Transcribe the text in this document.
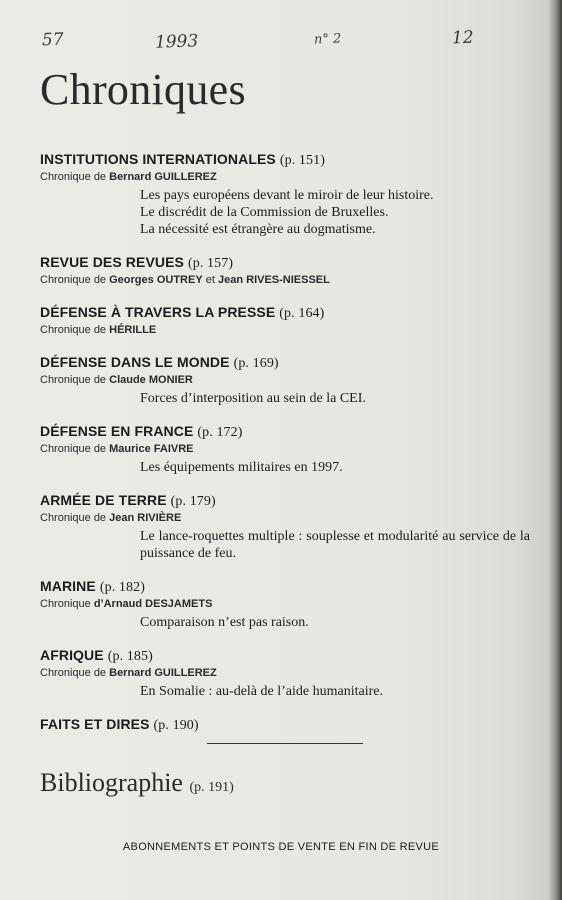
57	1993	n° 2	12
Chroniques
INSTITUTIONS INTERNATIONALES (p. 151)
Chronique de Bernard GUILLEREZ
Les pays européens devant le miroir de leur histoire.
Le discrédit de la Commission de Bruxelles.
La nécessité est étrangère au dogmatisme.
REVUE DES REVUES (p. 157)
Chronique de Georges OUTREY et Jean RIVES-NIESSEL
DÉFENSE À TRAVERS LA PRESSE (p. 164)
Chronique de HÉRILLE
DÉFENSE DANS LE MONDE (p. 169)
Chronique de Claude MONIER
Forces d’interposition au sein de la CEI.
DÉFENSE EN FRANCE (p. 172)
Chronique de Maurice FAIVRE
Les équipements militaires en 1997.
ARMÉE DE TERRE (p. 179)
Chronique de Jean RIVIÈRE
Le lance-roquettes multiple : souplesse et modularité au service de la puissance de feu.
MARINE (p. 182)
Chronique d’Arnaud DESJAMETS
Comparaison n’est pas raison.
AFRIQUE (p. 185)
Chronique de Bernard GUILLEREZ
En Somalie : au-delà de l’aide humanitaire.
FAITS ET DIRES (p. 190)
Bibliographie (p. 191)
ABONNEMENTS ET POINTS DE VENTE EN FIN DE REVUE
